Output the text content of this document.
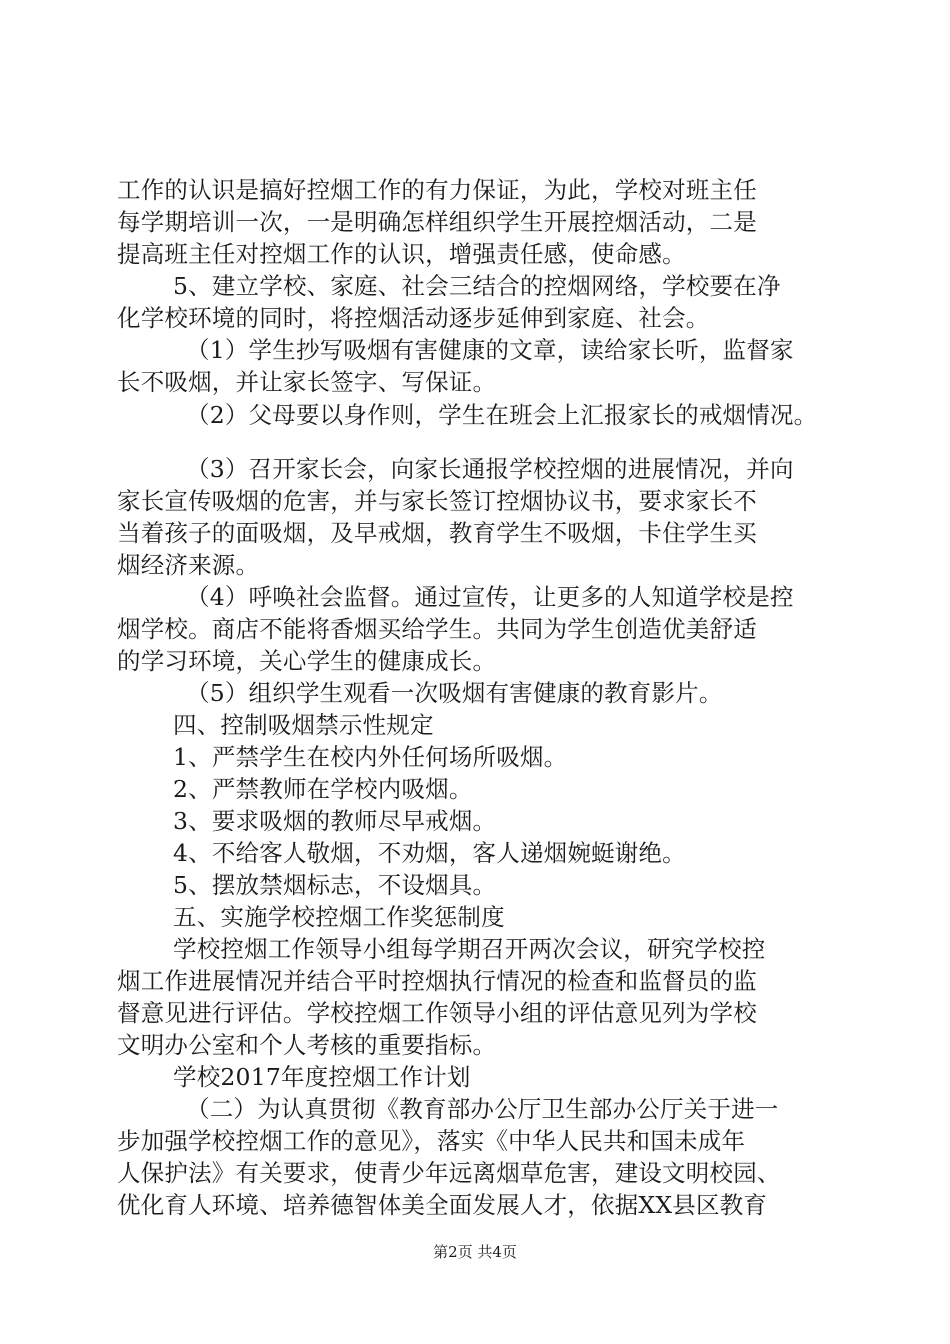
工作的认识是搞好控烟工作的有力保证，为此，学校对班主任
每学期培训一次，一是明确怎样组织学生开展控烟活动，二是
提高班主任对控烟工作的认识，增强责任感，使命感。
5、建立学校、家庭、社会三结合的控烟网络，学校要在净
化学校环境的同时，将控烟活动逐步延伸到家庭、社会。
（1）学生抄写吸烟有害健康的文章，读给家长听，监督家
长不吸烟，并让家长签字、写保证。
（2）父母要以身作则，学生在班会上汇报家长的戒烟情况。
（3）召开家长会，向家长通报学校控烟的进展情况，并向
家长宣传吸烟的危害，并与家长签订控烟协议书，要求家长不
当着孩子的面吸烟，及早戒烟，教育学生不吸烟，卡住学生买
烟经济来源。
（4）呼唤社会监督。通过宣传，让更多的人知道学校是控
烟学校。商店不能将香烟买给学生。共同为学生创造优美舒适
的学习环境，关心学生的健康成长。
（5）组织学生观看一次吸烟有害健康的教育影片。
四、控制吸烟禁示性规定
1、严禁学生在校内外任何场所吸烟。
2、严禁教师在学校内吸烟。
3、要求吸烟的教师尽早戒烟。
4、不给客人敬烟，不劝烟，客人递烟婉蜓谢绝。
5、摆放禁烟标志，不设烟具。
五、实施学校控烟工作奖惩制度
学校控烟工作领导小组每学期召开两次会议，研究学校控
烟工作进展情况并结合平时控烟执行情况的检查和监督员的监
督意见进行评估。学校控烟工作领导小组的评估意见列为学校
文明办公室和个人考核的重要指标。
学校2017年度控烟工作计划
（二）为认真贯彻《教育部办公厅卫生部办公厅关于进一
步加强学校控烟工作的意见》，落实《中华人民共和国未成年
人保护法》有关要求，使青少年远离烟草危害，建设文明校园、
优化育人环境、培养德智体美全面发展人才，依据XX县区教育
第2页 共4页
